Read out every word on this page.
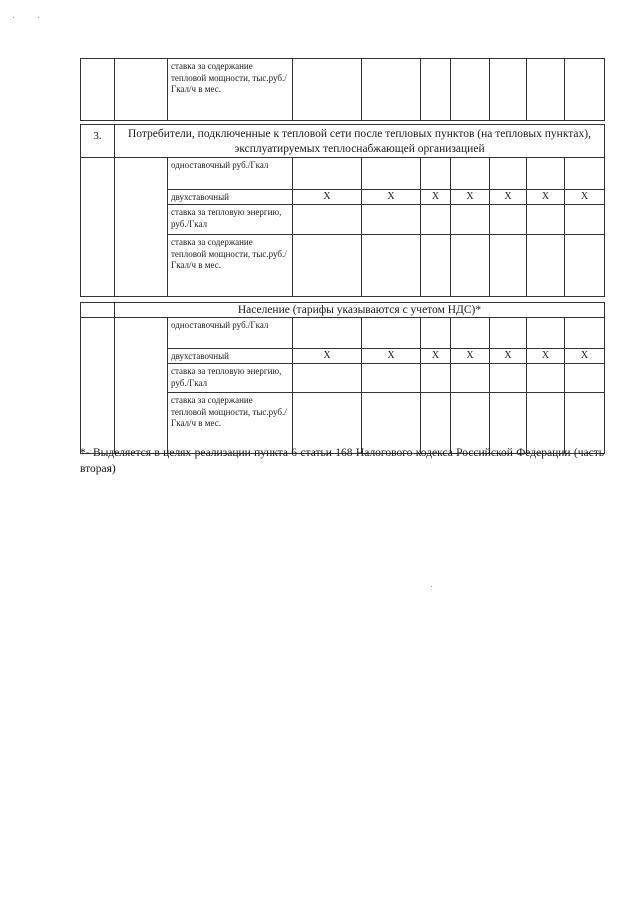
		ставка за содержание тепловой мощности, тыс.руб./Гкал/ч в мес.							

3.	Потребители, подключенные к тепловой сети после тепловых пунктов (на тепловых пунктах), эксплуатируемых теплоснабжающей организацией								
		одноставочный руб./Гкал							
		двухставочный	X	X	X	X	X	X	X
		ставка за тепловую энергию, руб./Гкал							
		ставка за содержание тепловой мощности, тыс.руб./Гкал/ч в мес.							

	Население (тарифы указываются с учетом НДС)*								
		одноставочный руб./Гкал							
		двухставочный	X	X	X	X	X	X	X
		ставка за тепловую энергию, руб./Гкал							
		ставка за содержание тепловой мощности, тыс.руб./Гкал/ч в мес.							

*- Выделяется в целях реализации пункта 6 статьи 168 Налогового кодекса Российской Федерации (часть вторая)
